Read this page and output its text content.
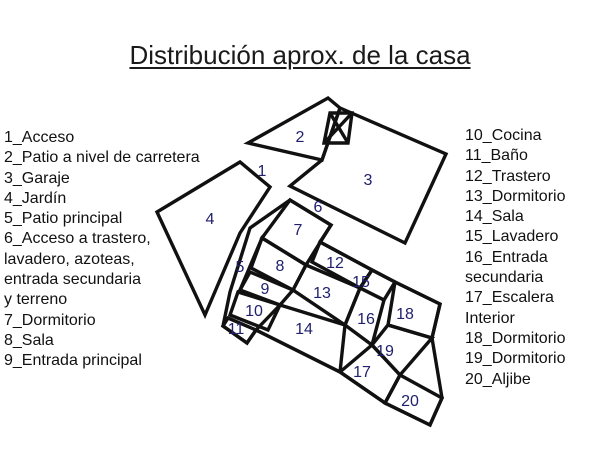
Distribución aprox. de la casa
1_Acceso
2_Patio a nivel de carretera
3_Garaje
4_Jardín
5_Patio principal
6_Acceso a trastero,
lavadero, azoteas,
entrada secundaria
y terreno
7_Dormitorio
8_Sala
9_Entrada principal
10_Cocina
11_Baño
12_Trastero
13_Dormitorio
14_Sala
15_Lavadero
16_Entrada
secundaria
17_Escalera
Interior
18_Dormitorio
19_Dormitorio
20_Aljibe
1
2
3
4
5
6
7
8
9
10
11
12
13
14
15
16
17
18
19
20
